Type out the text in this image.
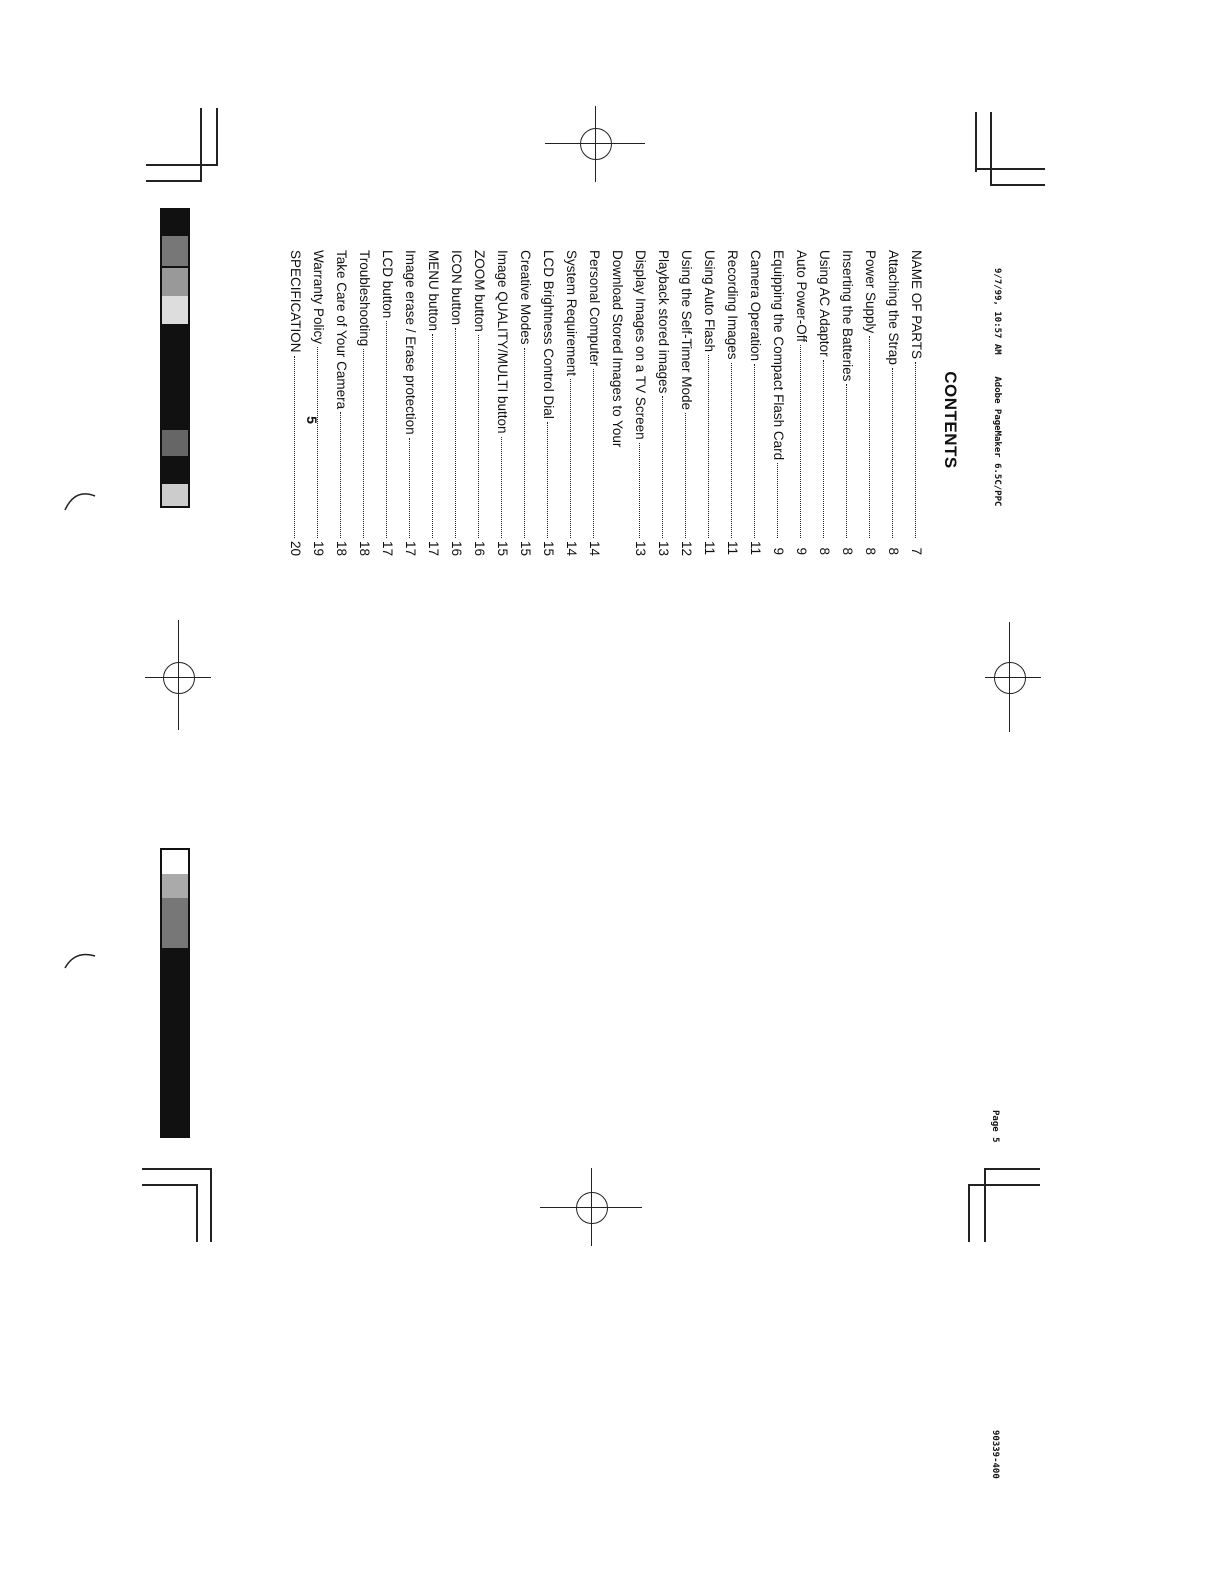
CONTENTS
NAME OF PARTS
7
Attaching the Strap
8
Power Supply
8
Inserting the Batteries
8
Using AC Adaptor
8
Auto Power-Off
9
Equipping the Compact Flash Card
9
Camera Operation
11
Recording Images
11
Using Auto Flash
11
Using the Self-Timer Mode
12
Playback stored images
13
Display Images on a TV Screen
13
Download Stored Images to Your
Personal Computer
14
System Requirement
14
LCD Brightness Control Dial
15
Creative Modes
15
Image QUALITY/MULTI button
15
ZOOM button
16
ICON button
16
MENU button
17
Image erase / Erase protection
17
LCD button
17
Troubleshooting
18
Take Care of Your Camera
18
Warranty Policy
19
SPECIFICATION
20
5
9/7/99, 10:57 AM    Adobe PageMaker 6.5C/PPC
Page 5
90339-400
